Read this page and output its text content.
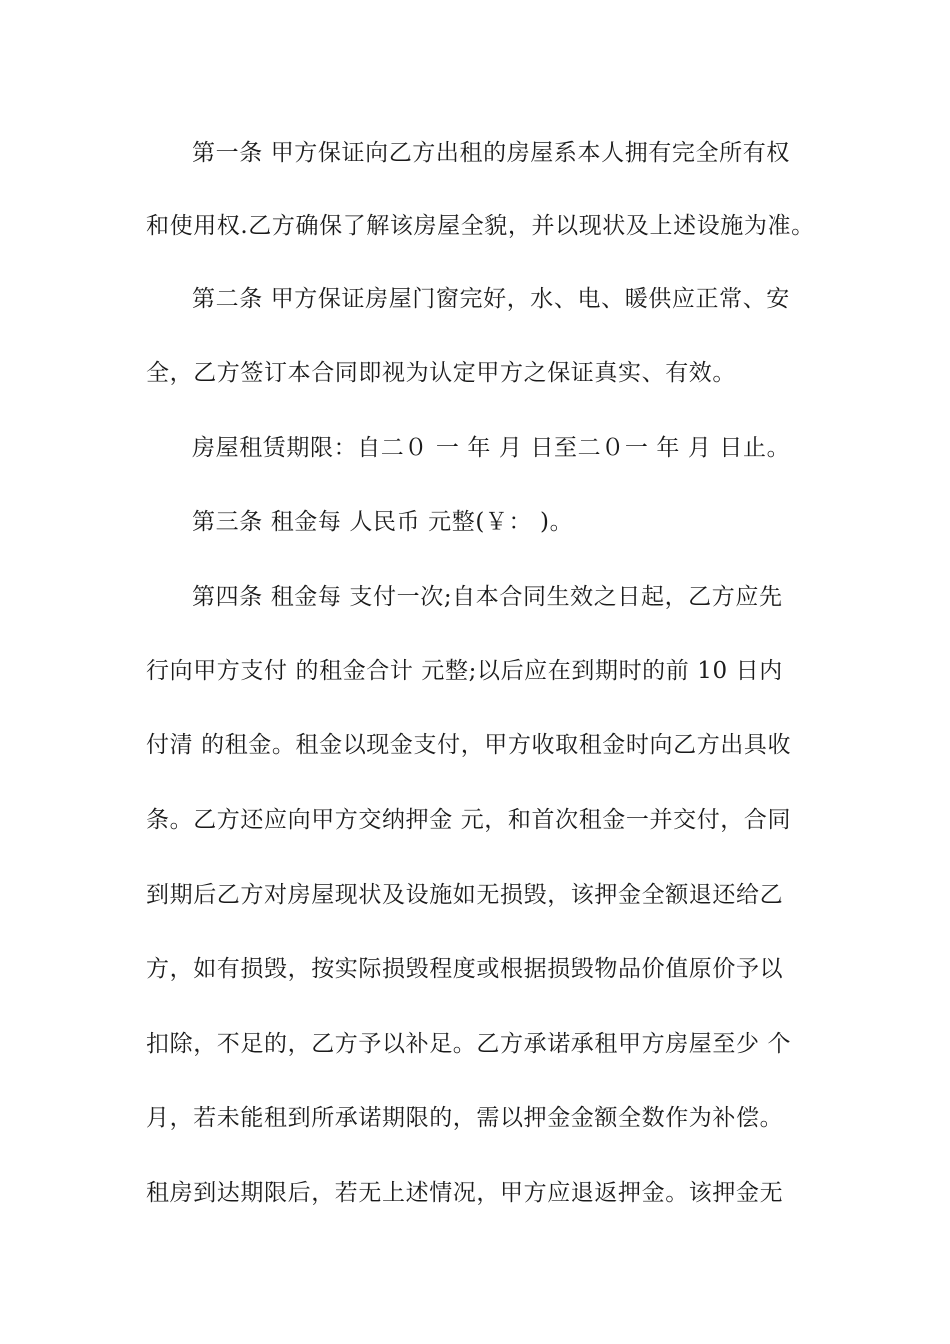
第一条 甲方保证向乙方出租的房屋系本人拥有完全所有权
和使用权.乙方确保了解该房屋全貌，并以现状及上述设施为准。
第二条 甲方保证房屋门窗完好，水、电、暖供应正常、安
全，乙方签订本合同即视为认定甲方之保证真实、有效。
房屋租赁期限：自二０ 一 年 月 日至二０一 年 月 日止。
第三条 租金每 人民币 元整(￥： )。
第四条 租金每 支付一次;自本合同生效之日起，乙方应先
行向甲方支付 的租金合计 元整;以后应在到期时的前 10 日内
付清 的租金。租金以现金支付，甲方收取租金时向乙方出具收
条。乙方还应向甲方交纳押金 元，和首次租金一并交付，合同
到期后乙方对房屋现状及设施如无损毁，该押金全额退还给乙
方，如有损毁，按实际损毁程度或根据损毁物品价值原价予以
扣除，不足的，乙方予以补足。乙方承诺承租甲方房屋至少 个
月，若未能租到所承诺期限的，需以押金金额全数作为补偿。
租房到达期限后，若无上述情况，甲方应退返押金。该押金无
